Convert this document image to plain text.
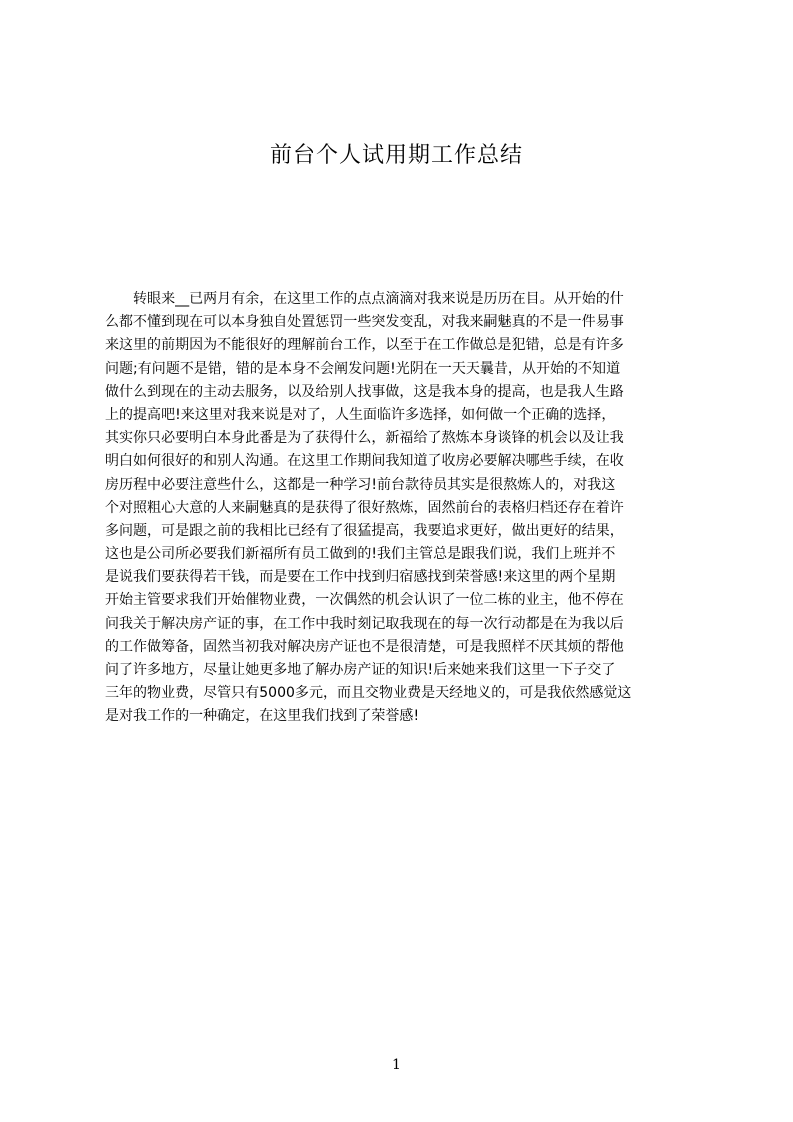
前台个人试用期工作总结
　　转眼来__已两月有余，在这里工作的点点滴滴对我来说是历历在目。从开始的什
么都不懂到现在可以本身独自处置惩罚一些突发变乱，对我来嗣魅真的不是一件易事
来这里的前期因为不能很好的理解前台工作，以至于在工作做总是犯错，总是有许多
问题;有问题不是错，错的是本身不会阐发问题!光阴在一天天曩昔，从开始的不知道
做什么到现在的主动去服务，以及给别人找事做，这是我本身的提高，也是我人生路
上的提高吧!来这里对我来说是对了，人生面临许多选择，如何做一个正确的选择，
其实你只必要明白本身此番是为了获得什么，新福给了熬炼本身谈锋的机会以及让我
明白如何很好的和别人沟通。在这里工作期间我知道了收房必要解决哪些手续，在收
房历程中必要注意些什么，这都是一种学习!前台款待员其实是很熬炼人的，对我这
个对照粗心大意的人来嗣魅真的是获得了很好熬炼，固然前台的表格归档还存在着许
多问题，可是跟之前的我相比已经有了很猛提高，我要追求更好，做出更好的结果，
这也是公司所必要我们新福所有员工做到的!我们主管总是跟我们说，我们上班并不
是说我们要获得若干钱，而是要在工作中找到归宿感找到荣誉感!来这里的两个星期
开始主管要求我们开始催物业费，一次偶然的机会认识了一位二栋的业主，他不停在
问我关于解决房产证的事，在工作中我时刻记取我现在的每一次行动都是在为我以后
的工作做筹备，固然当初我对解决房产证也不是很清楚，可是我照样不厌其烦的帮他
问了许多地方，尽量让她更多地了解办房产证的知识!后来她来我们这里一下子交了
三年的物业费，尽管只有5000多元，而且交物业费是天经地义的，可是我依然感觉这
是对我工作的一种确定，在这里我们找到了荣誉感!
1
